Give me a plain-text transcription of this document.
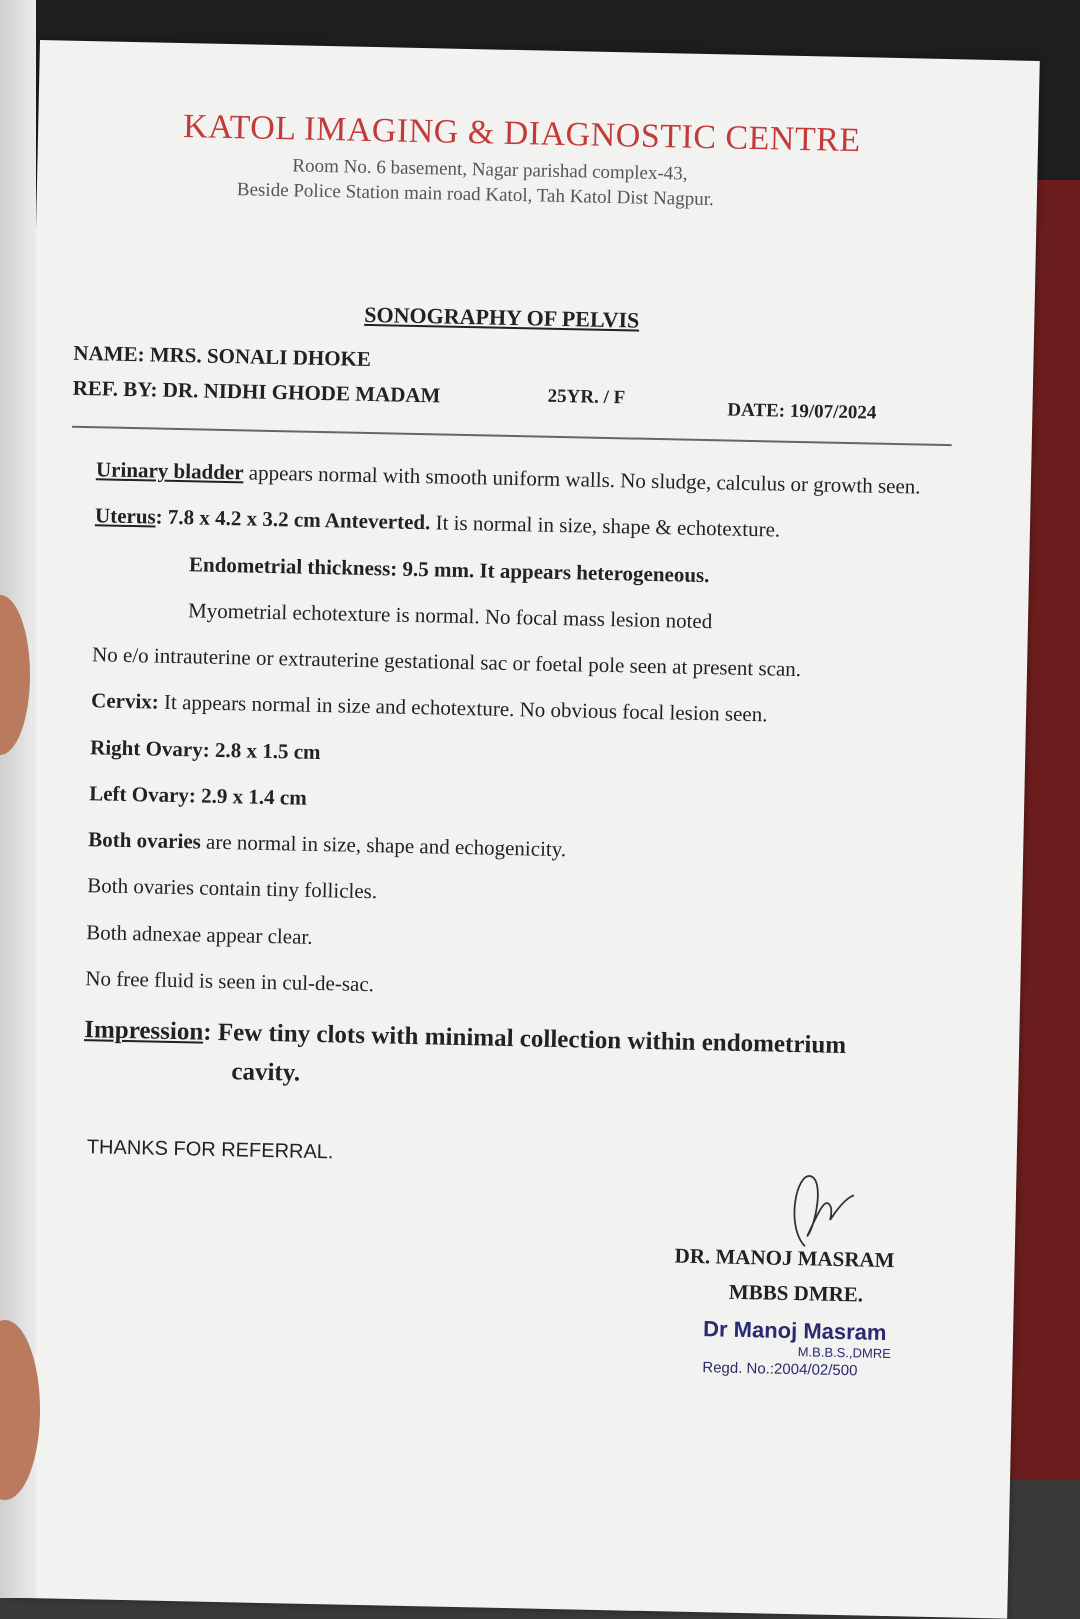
KATOL IMAGING & DIAGNOSTIC CENTRE
Room No. 6 basement, Nagar parishad complex-43,
Beside Police Station main road Katol, Tah Katol Dist Nagpur.
SONOGRAPHY OF PELVIS
NAME: MRS. SONALI DHOKE
REF. BY: DR. NIDHI GHODE MADAM	25YR. / F
DATE: 19/07/2024
Urinary bladder appears normal with smooth uniform walls. No sludge, calculus or growth seen.
Uterus: 7.8 x 4.2 x 3.2 cm Anteverted. It is normal in size, shape & echotexture.
Endometrial thickness: 9.5 mm. It appears heterogeneous.
Myometrial echotexture is normal. No focal mass lesion noted
No e/o intrauterine or extrauterine gestational sac or foetal pole seen at present scan.
Cervix: It appears normal in size and echotexture. No obvious focal lesion seen.
Right Ovary: 2.8 x 1.5 cm
Left Ovary: 2.9 x 1.4 cm
Both ovaries are normal in size, shape and echogenicity.
Both ovaries contain tiny follicles.
Both adnexae appear clear.
No free fluid is seen in cul-de-sac.
Impression: Few tiny clots with minimal collection within endometrium
cavity.
THANKS FOR REFERRAL.
DR. MANOJ MASRAM
MBBS DMRE.
Dr Manoj Masram
M.B.B.S.,DMRE
Regd. No.:2004/02/500
